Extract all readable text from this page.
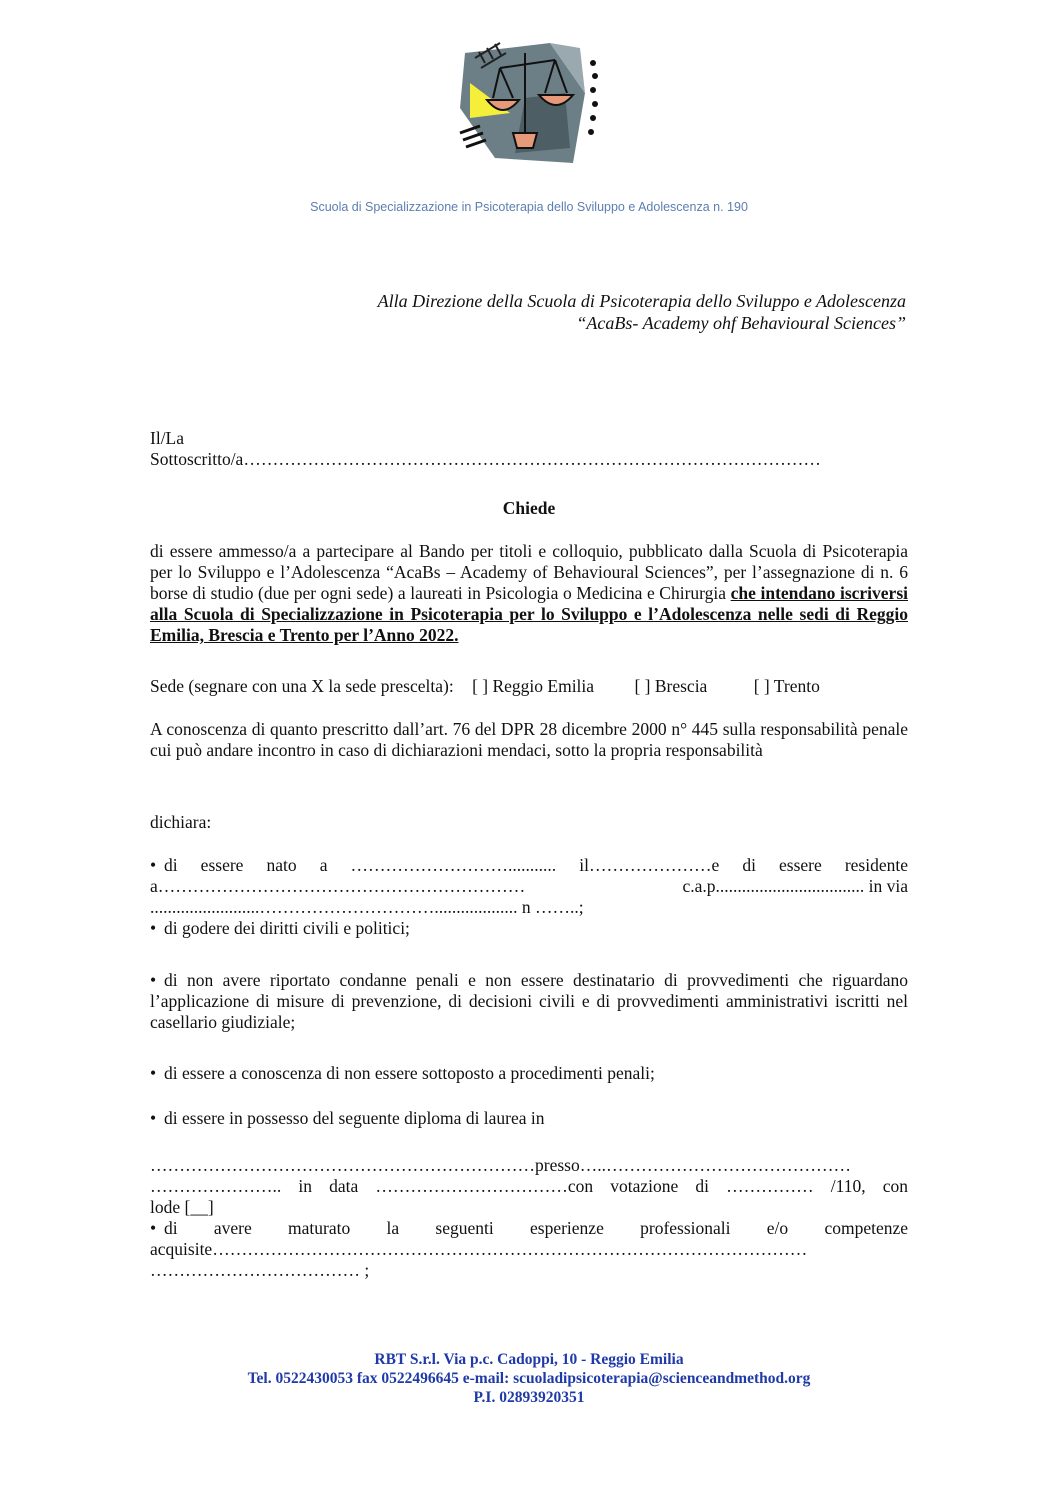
Scuola di Specializzazione in Psicoterapia dello Sviluppo e Adolescenza n. 190
Alla Direzione della Scuola di Psicoterapia dello Sviluppo e Adolescenza
“AcaBs- Academy ohf Behavioural Sciences”
Il/La
Sottoscritto/a………………………………………………………………………………………
Chiede
di essere ammesso/a a partecipare al Bando per titoli e colloquio, pubblicato dalla Scuola di Psicoterapia per lo Sviluppo e l’Adolescenza “AcaBs – Academy of Behavioural Sciences”, per l’assegnazione di n. 6 borse di studio (due per ogni sede) a laureati in Psicologia o Medicina e Chirurgia che intendano iscriversi alla Scuola di Specializzazione in Psicoterapia per lo Sviluppo e l’Adolescenza nelle sedi di Reggio Emilia, Brescia e Trento per l’Anno 2022.
Sede (segnare con una X la sede prescelta): [ ] Reggio Emilia [ ] Brescia	[ ] Trento
A conoscenza di quanto prescritto dall’art. 76 del DPR 28 dicembre 2000 n° 445 sulla responsabilità penale cui può andare incontro in caso di dichiarazioni mendaci, sotto la propria responsabilità
dichiara:
• di essere nato a ………………………........... il…………………e di essere residente
a………………………………………………………	c.a.p.................................. in via
.........................…………………………................... n ……..;
• di godere dei diritti civili e politici;
• di non avere riportato condanne penali e non essere destinatario di provvedimenti che riguardano l’applicazione di misure di prevenzione, di decisioni civili e di provvedimenti amministrativi iscritti nel casellario giudiziale;
• di essere a conoscenza di non essere sottoposto a procedimenti penali;
• di essere in possesso del seguente diploma di laurea in
…………………………………………………………presso…..……………………………………
………………….. in data ……………………………con votazione di …………… /110, con
lode [__]
• di avere maturato la seguenti esperienze professionali e/o competenze
acquisite…………………………………………………………………………………………
……………………………… ;
RBT S.r.l. Via p.c. Cadoppi, 10 - Reggio Emilia
Tel. 0522430053 fax 0522496645 e-mail: scuoladipsicoterapia@scienceandmethod.org
P.I. 02893920351
